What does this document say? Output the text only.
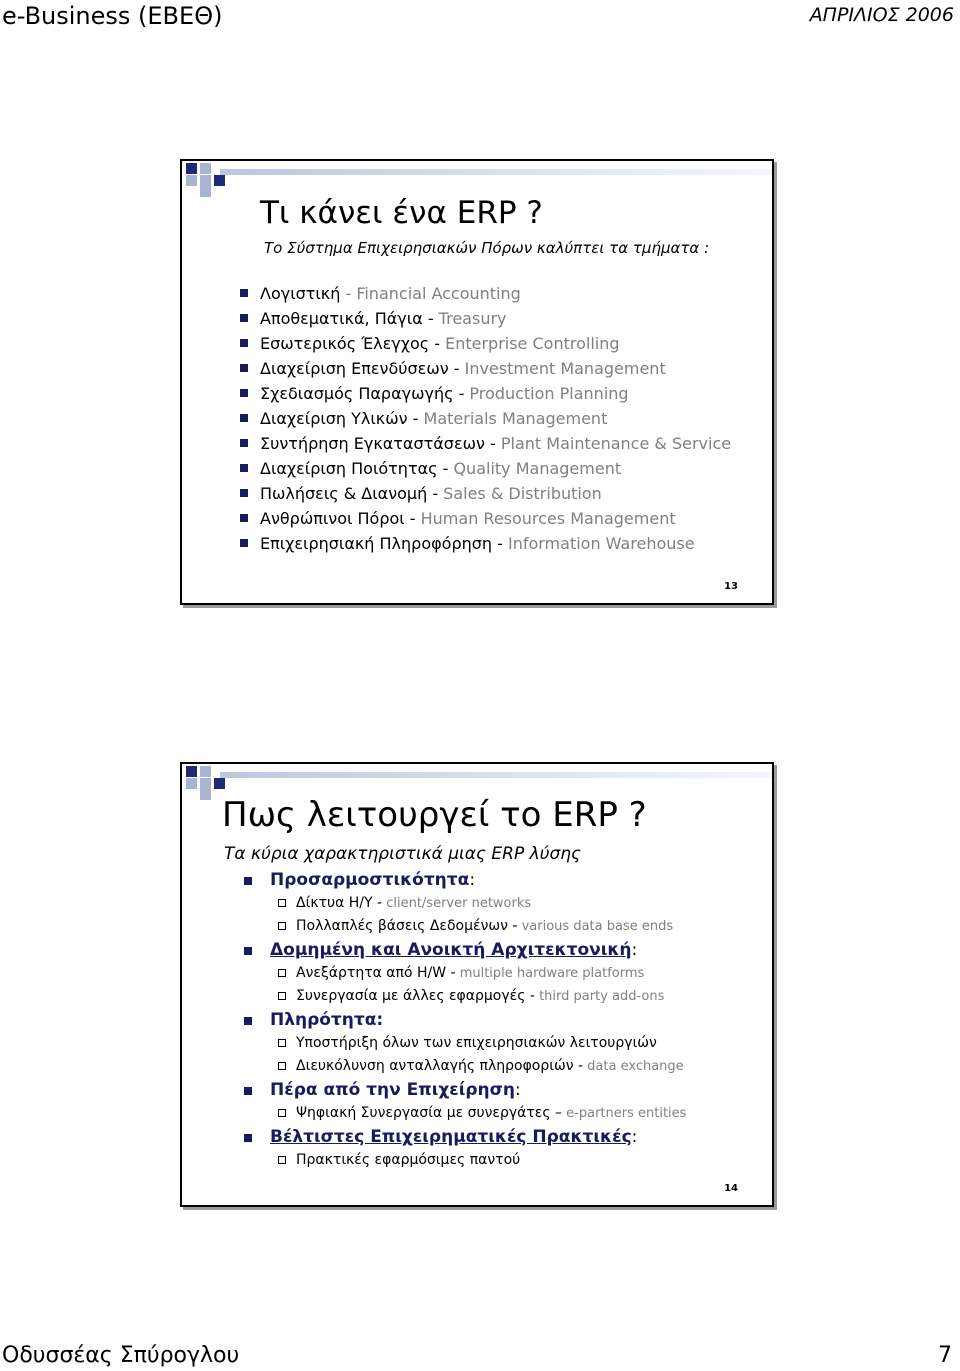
e-Business (ΕΒΕΘ)	ΑΠΡΙΛΙΟΣ 2006
Τι κάνει ένα ERP ?
Το Σύστημα Επιχειρησιακών Πόρων καλύπτει τα τμήματα :
Λογιστική - Financial Accounting
Αποθεματικά, Πάγια - Treasury
Εσωτερικός Έλεγχος - Enterprise Controlling
Διαχείριση Επενδύσεων - Investment Management
Σχεδιασμός Παραγωγής - Production Planning
Διαχείριση Υλικών - Materials Management
Συντήρηση Εγκαταστάσεων - Plant Maintenance & Service
Διαχείριση Ποιότητας - Quality Management
Πωλήσεις & Διανομή - Sales & Distribution
Ανθρώπινοι Πόροι - Human Resources Management
Επιχειρησιακή Πληροφόρηση - Information Warehouse
13
Πως λειτουργεί το ERP ?
Τα κύρια χαρακτηριστικά μιας ERP λύσης
Προσαρμοστικότητα:
Δίκτυα Η/Υ - client/server networks
Πολλαπλές βάσεις Δεδομένων - various data base ends
Δομημένη και Ανοικτή Αρχιτεκτονική:
Ανεξάρτητα από H/W - multiple hardware platforms
Συνεργασία με άλλες εφαρμογές - third party add-ons
Πληρότητα:
Υποστήριξη όλων των επιχειρησιακών λειτουργιών
Διευκόλυνση ανταλλαγής πληροφοριών - data exchange
Πέρα από την Επιχείρηση:
Ψηφιακή Συνεργασία με συνεργάτες – e-partners entities
Βέλτιστες Επιχειρηματικές Πρακτικές:
Πρακτικές εφαρμόσιμες παντού
14
Οδυσσέας Σπύρογλου	7
